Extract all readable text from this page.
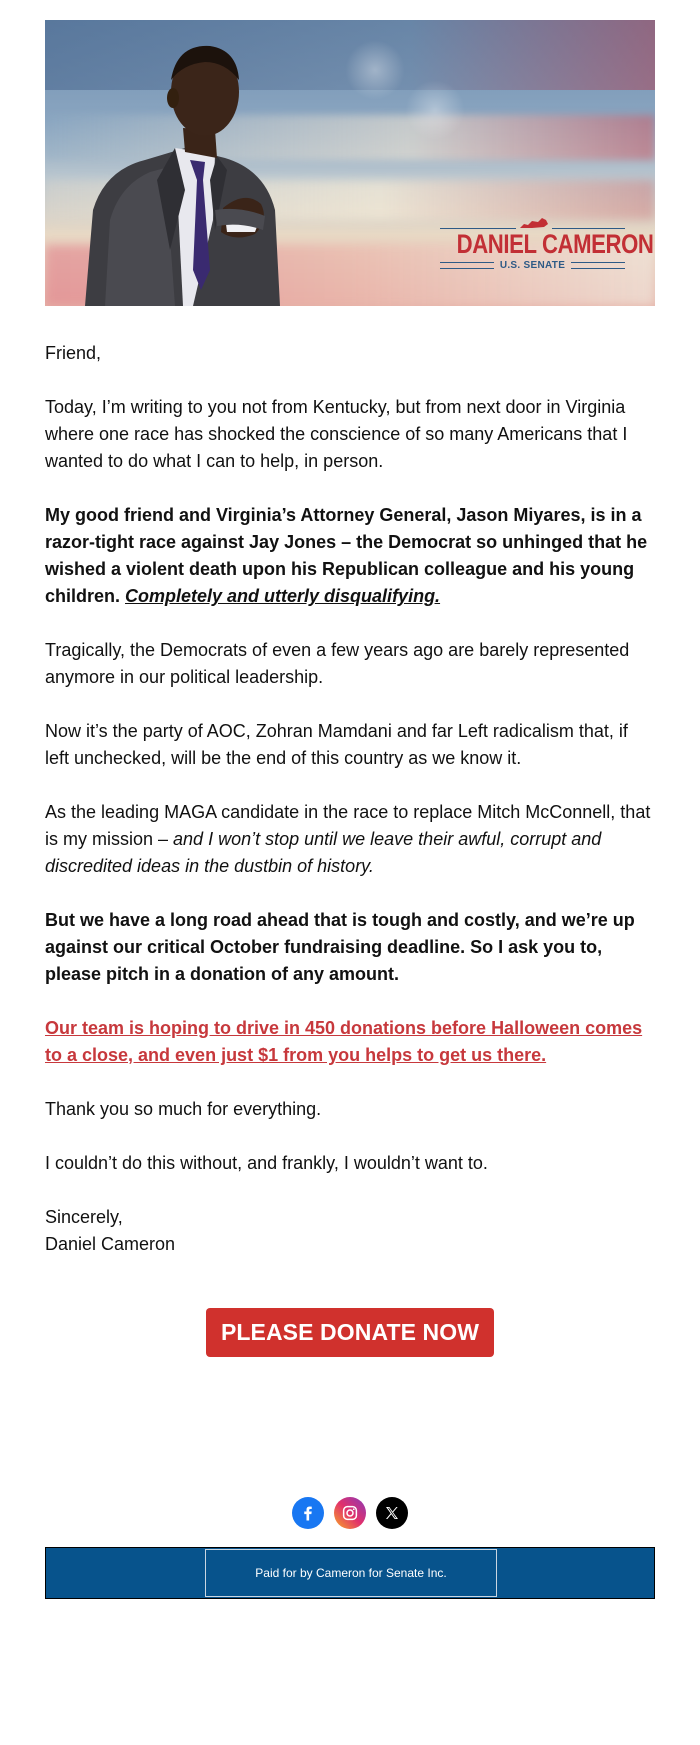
DANIEL CAMERON
U.S. SENATE

Friend,

Today, I’m writing to you not from Kentucky, but from next door in Virginia where one race has shocked the conscience of so many Americans that I wanted to do what I can to help, in person.

My good friend and Virginia’s Attorney General, Jason Miyares, is in a razor-tight race against Jay Jones – the Democrat so unhinged that he wished a violent death upon his Republican colleague and his young children. Completely and utterly disqualifying.

Tragically, the Democrats of even a few years ago are barely represented anymore in our political leadership.

Now it’s the party of AOC, Zohran Mamdani and far Left radicalism that, if left unchecked, will be the end of this country as we know it.

As the leading MAGA candidate in the race to replace Mitch McConnell, that is my mission – and I won’t stop until we leave their awful, corrupt and discredited ideas in the dustbin of history.

But we have a long road ahead that is tough and costly, and we’re up against our critical October fundraising deadline. So I ask you to, please pitch in a donation of any amount.

Our team is hoping to drive in 450 donations before Halloween comes to a close, and even just $1 from you helps to get us there.

Thank you so much for everything.

I couldn’t do this without, and frankly, I wouldn’t want to.

Sincerely,
Daniel Cameron

PLEASE DONATE NOW
Paid for by Cameron for Senate Inc.
